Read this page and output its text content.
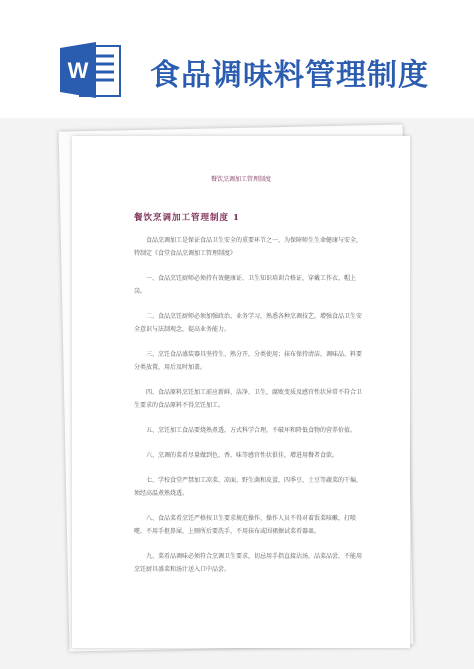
W 食品调味料管理制度
餐饮烹调加工管理制度
餐饮烹调加工管理制度 1

食品烹调加工是保证食品卫生安全的重要环节之一，为保障师生生命健康与安全，特制定《食堂食品烹调加工管理制度》

一、食品烹饪厨师必须持有效健康证、卫生知识培训合格证，穿戴工作衣、帽上岗。

二、食品烹饪厨师必须加强政治、业务学习，熟悉各种烹调技艺，增强食品卫生安全意识与法制观念，提高业务能力。

三、烹饪食品盛装器具坚持生、熟分开，分类使用；抹布保持清洁，调味品、料要分类放置，用后及时加盖。

四、食品原料烹饪加工前应新鲜、洁净、卫生，腐败变质及感官性状异常不符合卫生要求的食品原料不得烹饪加工。

五、烹饪加工食品要烧熟煮透，方式科学合理，不破坏和降低食物的营养价值。

六、烹调的菜肴尽量做到色、香、味等感官性状俱佳，增进用餐者食欲。

七、学校食堂严禁加工凉菜、凉面、野生菌和皮蛋，四季豆、土豆等蔬菜的干煸，须经高温煮熟烧透。

八、食品菜肴烹饪严格按卫生要求规范操作，操作人员不得对着饭菜咳嗽、打喷嚏，不用手抠鼻屎，上厕所后要洗手，不用抹布或围裙擦试菜肴器皿。

九、菜肴品调味必须符合烹调卫生要求，切忌用手指直接沾汤，品菜品尝，不能用烹饪厨具盛菜和汤汁送入口中品尝。
